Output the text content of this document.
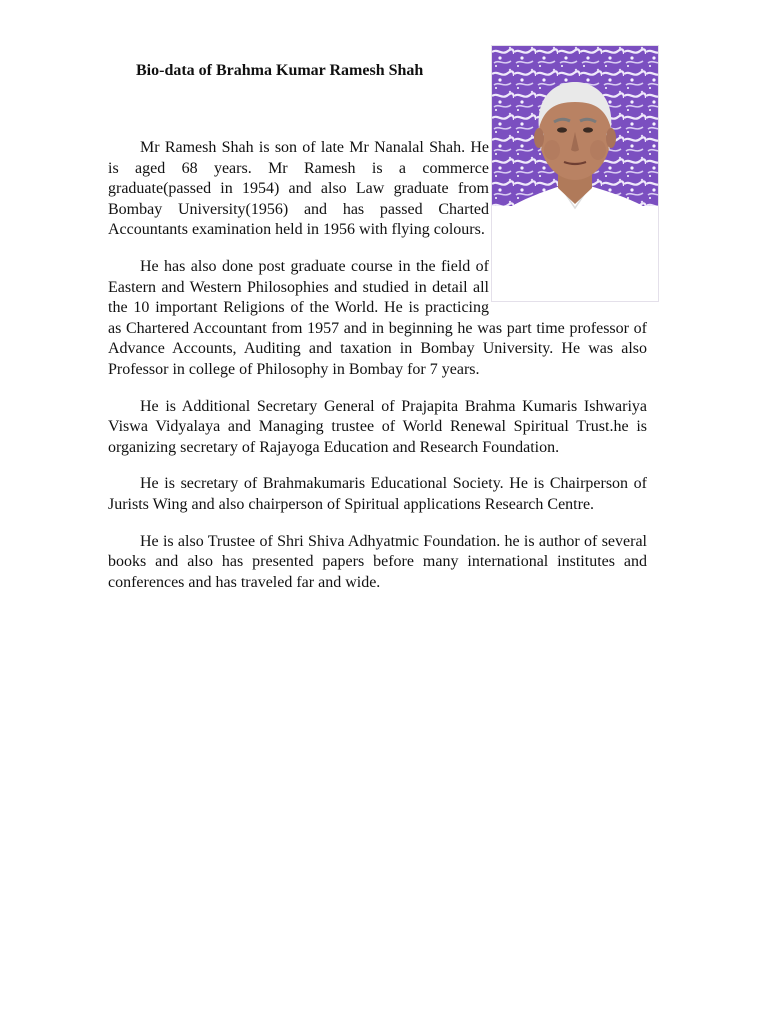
Bio-data of Brahma Kumar Ramesh Shah

Mr Ramesh Shah is son of late Mr Nanalal Shah. He is aged 68 years. Mr Ramesh is a commerce graduate(passed in 1954) and also Law graduate from Bombay University(1956) and has passed Charted Accountants examination held in 1956 with flying colours.

He has also done post graduate course in the field of Eastern and Western Philosophies and studied in detail all the 10 important Religions of the World. He is practicing as Chartered Accountant from 1957 and in beginning he was part time professor of Advance Accounts, Auditing and taxation in Bombay University. He was also Professor in college of Philosophy in Bombay for 7 years.

He is Additional Secretary General of Prajapita Brahma Kumaris Ishwariya Viswa Vidyalaya and Managing trustee of World Renewal Spiritual Trust.he is organizing secretary of Rajayoga Education and Research Foundation.

He is secretary of Brahmakumaris Educational Society. He is Chairperson of Jurists Wing and also chairperson of Spiritual applications Research Centre.

He is also Trustee of Shri Shiva Adhyatmic Foundation. he is author of several books and also has presented papers before many international institutes and conferences and has traveled far and wide.
